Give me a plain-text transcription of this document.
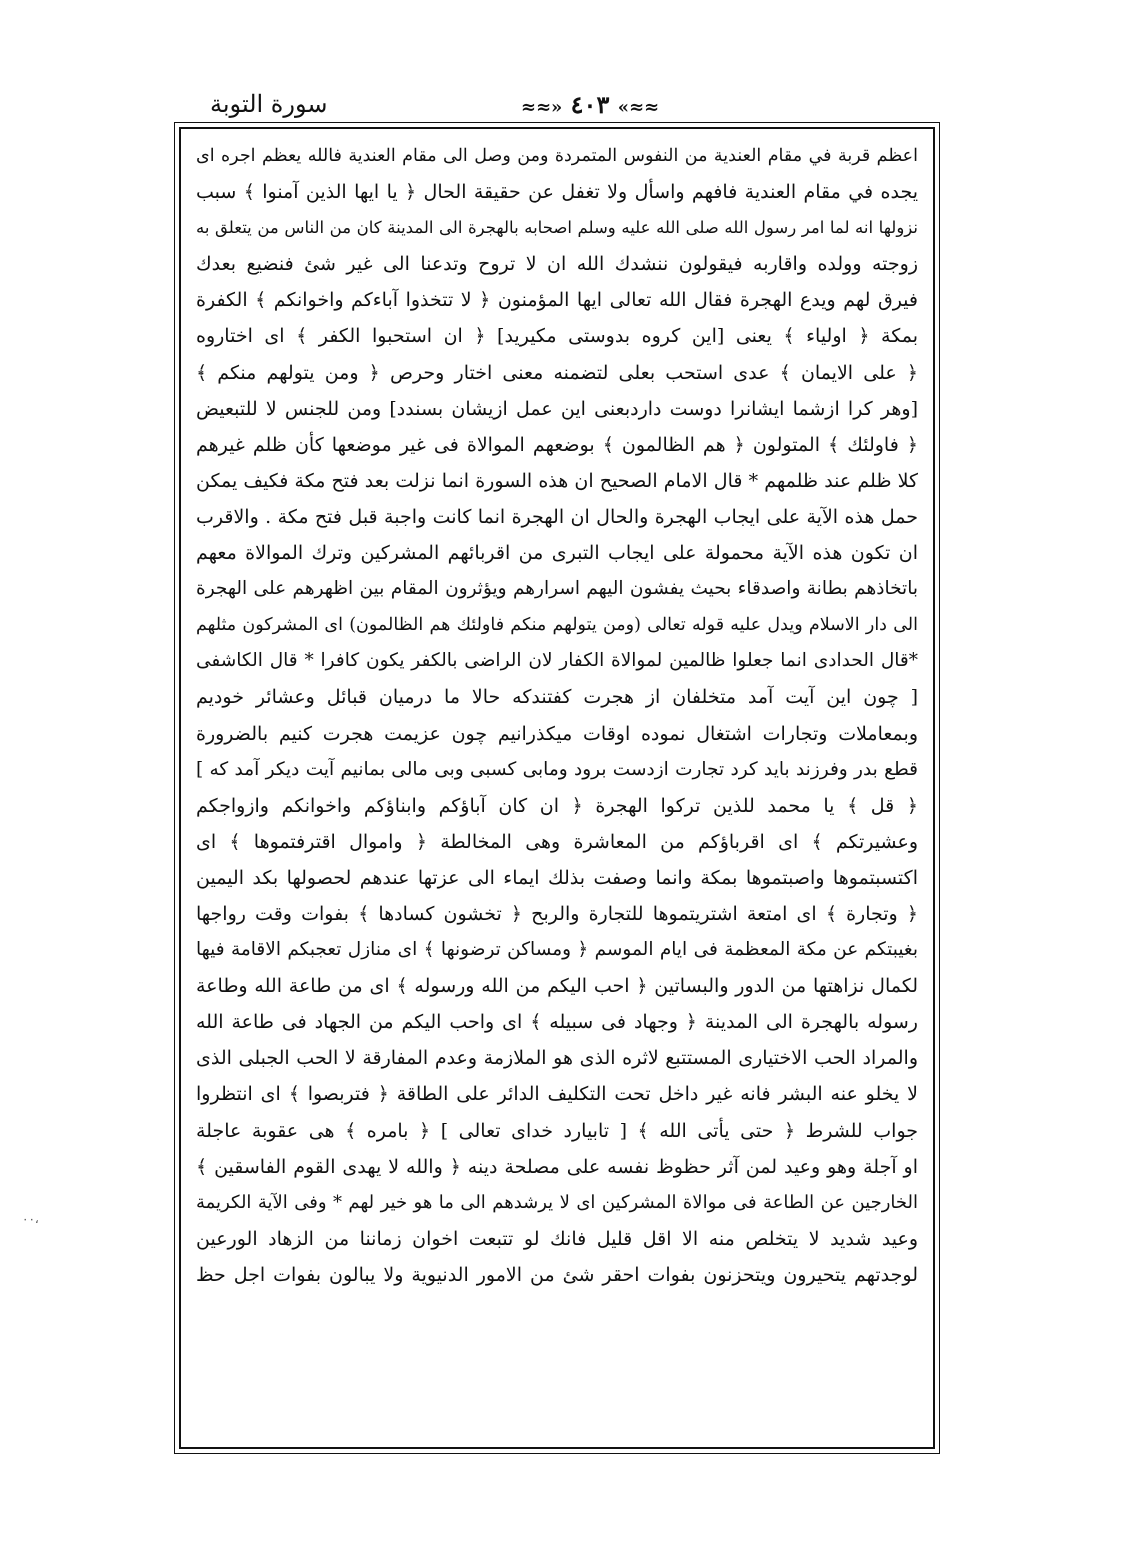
≈≈» ٤٠٣ «≈≈
سورة التوبة
اعظم قربة في مقام العندية من النفوس المتمردة ومن وصل الى مقام العندية فالله يعظم اجره اى
يجده في مقام العندية فافهم واسأل ولا تغفل عن حقيقة الحال ﴿ يا ايها الذين آمنوا ﴾ سبب
نزولها انه لما امر رسول الله صلى الله عليه وسلم اصحابه بالهجرة الى المدينة كان من الناس من يتعلق به
زوجته وولده واقاربه فيقولون ننشدك الله ان لا تروح وتدعنا الى غير شئ فنضيع بعدك
فيرق لهم ويدع الهجرة فقال الله تعالى ايها المؤمنون ﴿ لا تتخذوا آباءكم واخوانكم ﴾ الكفرة
بمكة ﴿ اولياء ﴾ يعنى [اين كروه بدوستى مكيريد] ﴿ ان استحبوا الكفر ﴾ اى اختاروه
﴿ على الايمان ﴾ عدى استحب بعلى لتضمنه معنى اختار وحرص ﴿ ومن يتولهم منكم ﴾
[وهر كرا ازشما ايشانرا دوست داردبعنى اين عمل ازيشان بسندد] ومن للجنس لا للتبعيض
﴿ فاولئك ﴾ المتولون ﴿ هم الظالمون ﴾ بوضعهم الموالاة فى غير موضعها كأن ظلم غيرهم
كلا ظلم عند ظلمهم * قال الامام الصحيح ان هذه السورة انما نزلت بعد فتح مكة فكيف يمكن
حمل هذه الآية على ايجاب الهجرة والحال ان الهجرة انما كانت واجبة قبل فتح مكة . والاقرب
ان تكون هذه الآية محمولة على ايجاب التبرى من اقربائهم المشركين وترك الموالاة معهم
باتخاذهم بطانة واصدقاء بحيث يفشون اليهم اسرارهم ويؤثرون المقام بين اظهرهم على الهجرة
الى دار الاسلام ويدل عليه قوله تعالى (ومن يتولهم منكم فاولئك هم الظالمون) اى المشركون مثلهم
*قال الحدادى انما جعلوا ظالمين لموالاة الكفار لان الراضى بالكفر يكون كافرا * قال الكاشفى
[ چون اين آيت آمد متخلفان از هجرت كفتندكه حالا ما درميان قبائل وعشائر خوديم
وبمعاملات وتجارات اشتغال نموده اوقات ميكذرانيم چون عزيمت هجرت كنيم بالضرورة
قطع بدر وفرزند بايد كرد تجارت ازدست برود ومابى كسبى وبى مالى بمانيم آيت ديكر آمد كه ]
﴿ قل ﴾ يا محمد للذين تركوا الهجرة ﴿ ان كان آباؤكم وابناؤكم واخوانكم وازواجكم
وعشيرتكم ﴾ اى اقرباؤكم من المعاشرة وهى المخالطة ﴿ واموال اقترفتموها ﴾ اى
اكتسبتموها واصبتموها بمكة وانما وصفت بذلك ايماء الى عزتها عندهم لحصولها بكد اليمين
﴿ وتجارة ﴾ اى امتعة اشتريتموها للتجارة والربح ﴿ تخشون كسادها ﴾ بفوات وقت رواجها
بغيبتكم عن مكة المعظمة فى ايام الموسم ﴿ ومساكن ترضونها ﴾ اى منازل تعجبكم الاقامة فيها
لكمال نزاهتها من الدور والبساتين ﴿ احب اليكم من الله ورسوله ﴾ اى من طاعة الله وطاعة
رسوله بالهجرة الى المدينة ﴿ وجهاد فى سبيله ﴾ اى واحب اليكم من الجهاد فى طاعة الله
والمراد الحب الاختيارى المستتبع لاثره الذى هو الملازمة وعدم المفارقة لا الحب الجبلى الذى
لا يخلو عنه البشر فانه غير داخل تحت التكليف الدائر على الطاقة ﴿ فتربصوا ﴾ اى انتظروا
جواب للشرط ﴿ حتى يأتى الله ﴾ [ تابيارد خداى تعالى ] ﴿ بامره ﴾ هى عقوبة عاجلة
او آجلة وهو وعيد لمن آثر حظوظ نفسه على مصلحة دينه ﴿ والله لا يهدى القوم الفاسقين ﴾
الخارجين عن الطاعة فى موالاة المشركين اى لا يرشدهم الى ما هو خير لهم * وفى الآية الكريمة
وعيد شديد لا يتخلص منه الا اقل قليل فانك لو تتبعت اخوان زماننا من الزهاد الورعين
لوجدتهم يتحيرون ويتحزنون بفوات احقر شئ من الامور الدنيوية ولا يبالون بفوات اجل حظ
٠٠،
